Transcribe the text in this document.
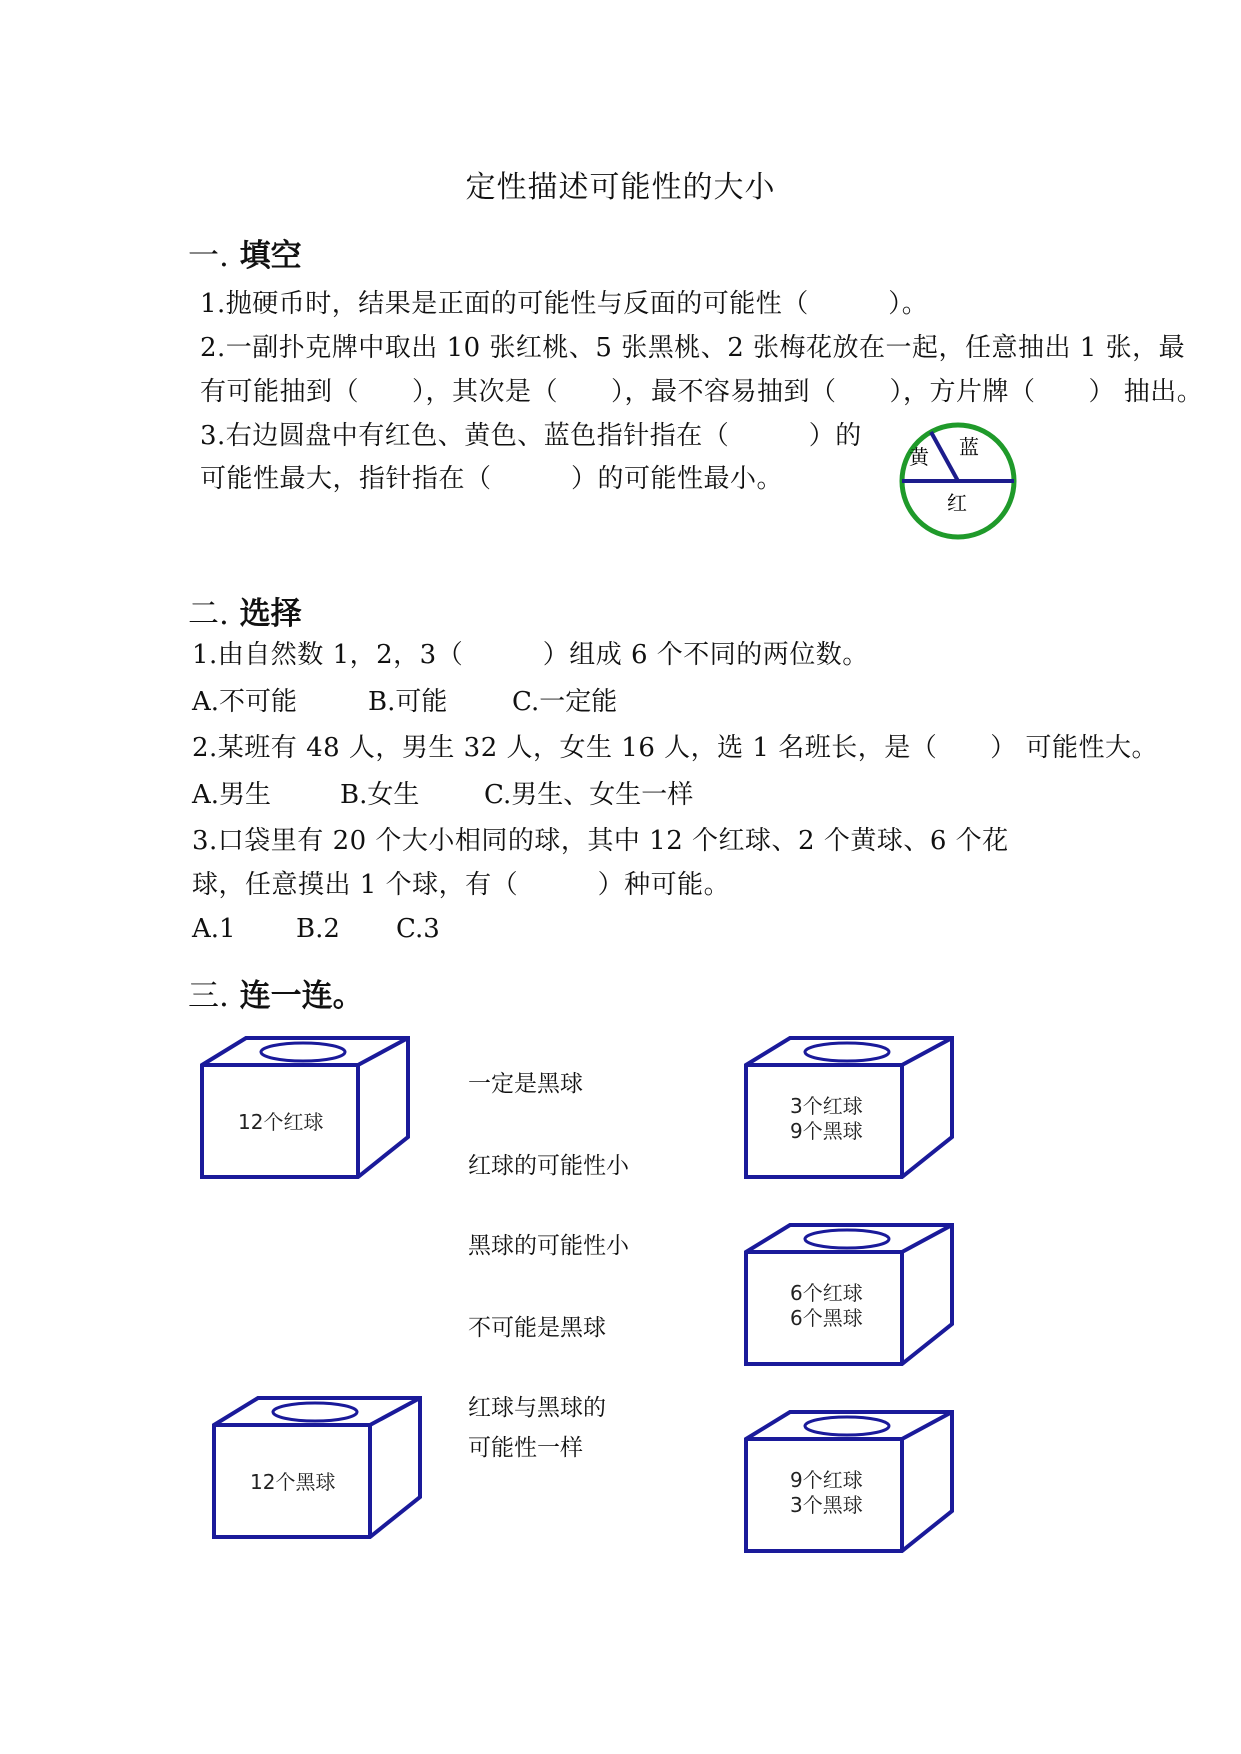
定性描述可能性的大小
一. 填空
1.抛硬币时，结果是正面的可能性与反面的可能性（　　　）。
2.一副扑克牌中取出 10 张红桃、5 张黑桃、2 张梅花放在一起，任意抽出 1 张，最
有可能抽到（　　），其次是（　　），最不容易抽到（　　），方片牌（　　） 抽出。
3.右边圆盘中有红色、黄色、蓝色指针指在（　　　）的
可能性最大，指针指在（　　　）的可能性最小。
黄 蓝
红
二. 选择
1.由自然数 1，2，3（　　　）组成 6 个不同的两位数。
A.不可能	B.可能 C.一定能
2.某班有 48 人，男生 32 人，女生 16 人，选 1 名班长，是（　　） 可能性大。
A.男生	B.女生 C.男生、女生一样
3.口袋里有 20 个大小相同的球，其中 12 个红球、2 个黄球、6 个花
球，任意摸出 1 个球，有（　　　）种可能。
A.1 B.2 C.3
三. 连一连。
12个红球
12个黑球
一定是黑球
红球的可能性小
黑球的可能性小
不可能是黑球
红球与黑球的
可能性一样
3个红球
9个黑球
6个红球
6个黑球
9个红球
3个黑球
